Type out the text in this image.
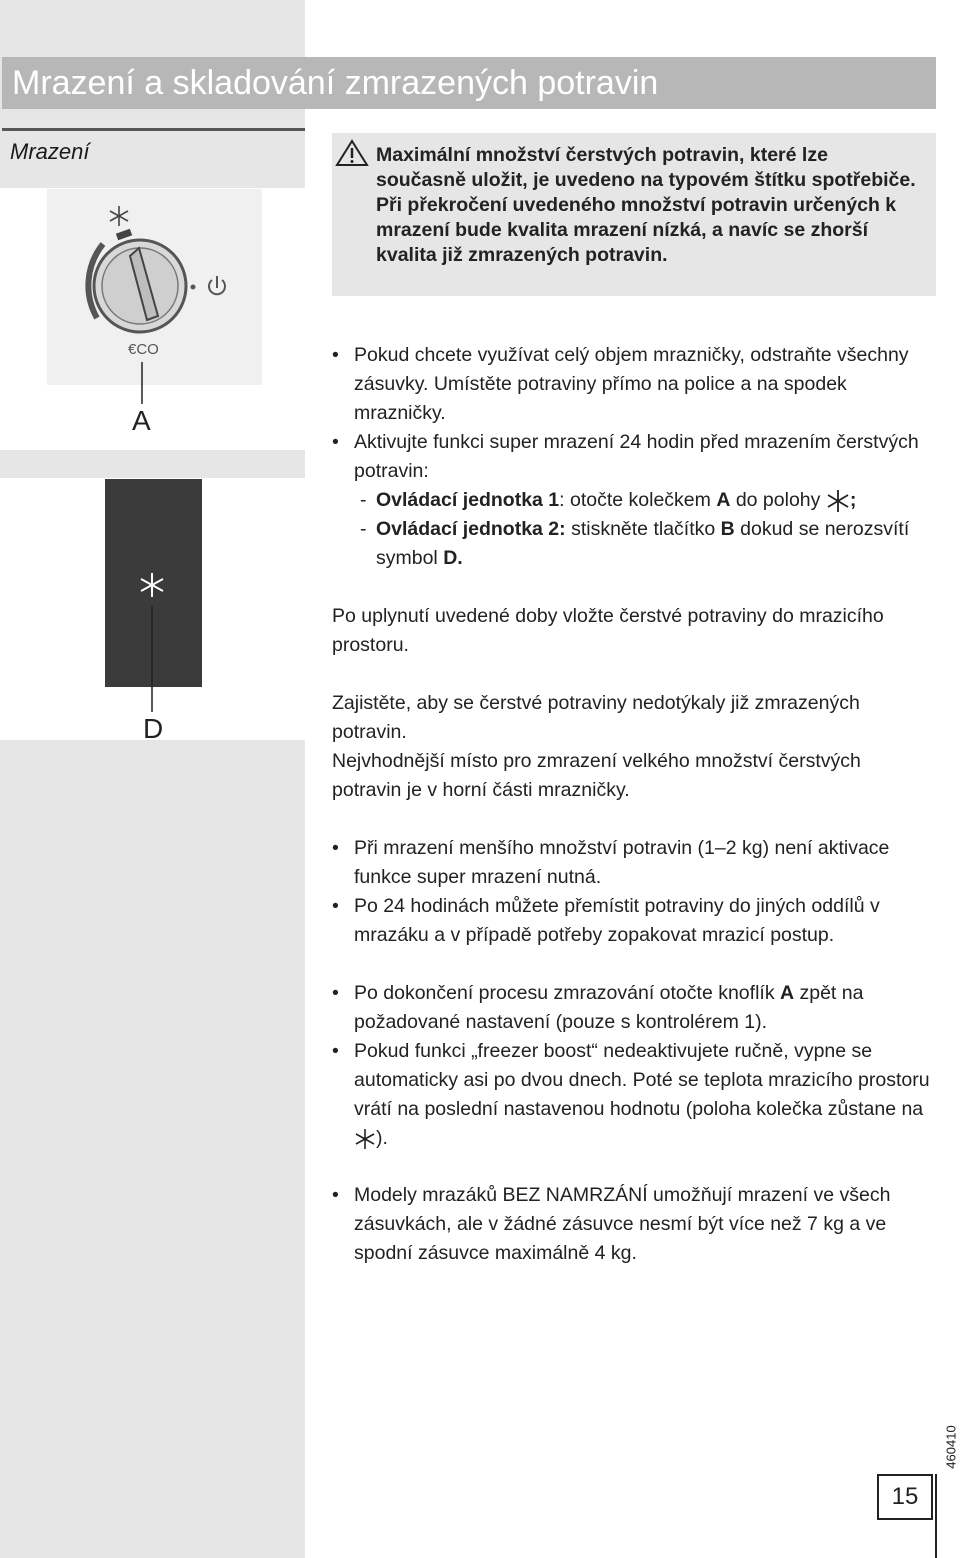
Mrazení a skladování zmrazených potravin
Mrazení
€CO
A
D
Maximální množství čerstvých potravin, které lze současně uložit, je uvedeno na typovém štítku spotřebiče. Při překročení uvedeného množství potravin určených k mrazení bude kvalita mrazení nízká, a navíc se zhorší kvalita již zmrazených potravin.
• Pokud chcete využívat celý objem mrazničky, odstraňte všechny zásuvky. Umístěte potraviny přímo na police a na spodek mrazničky.
• Aktivujte funkci super mrazení 24 hodin před mrazením čerstvých potravin:
- Ovládací jednotka 1: otočte kolečkem A do polohy ;
- Ovládací jednotka 2: stiskněte tlačítko B dokud se nerozsvítí symbol D.

Po uplynutí uvedené doby vložte čerstvé potraviny do mrazicího prostoru.

Zajistěte, aby se čerstvé potraviny nedotýkaly již zmrazených potravin.

Nejvhodnější místo pro zmrazení velkého množství čerstvých potravin je v horní části mrazničky.

• Při mrazení menšího množství potravin (1–2 kg) není aktivace funkce super mrazení nutná.
• Po 24 hodinách můžete přemístit potraviny do jiných oddílů v mrazáku a v případě potřeby zopakovat mrazicí postup.
• Po dokončení procesu zmrazování otočte knoflík A zpět na požadované nastavení (pouze s kontrolérem 1).
• Pokud funkci „freezer boost“ nedeaktivujete ručně, vypne se automaticky asi po dvou dnech. Poté se teplota mrazicího prostoru vrátí na poslední nastavenou hodnotu (poloha kolečka zůstane na ).
• Modely mrazáků BEZ NAMRZÁNÍ umožňují mrazení ve všech zásuvkách, ale v žádné zásuvce nesmí být více než 7 kg a ve spodní zásuvce maximálně 4 kg.
15
460410
